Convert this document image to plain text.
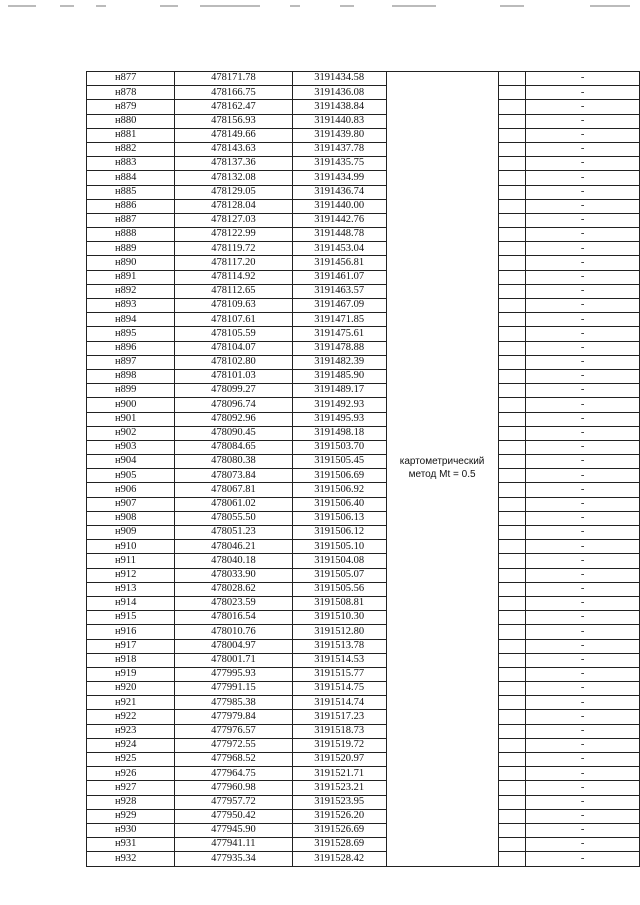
н877	478171.78	3191434.58	картометрический метод Mt = 0.5		-
н878	478166.75	3191436.08			-
н879	478162.47	3191438.84			-
н880	478156.93	3191440.83			-
н881	478149.66	3191439.80			-
н882	478143.63	3191437.78			-
н883	478137.36	3191435.75			-
н884	478132.08	3191434.99			-
н885	478129.05	3191436.74			-
н886	478128.04	3191440.00			-
н887	478127.03	3191442.76			-
н888	478122.99	3191448.78			-
н889	478119.72	3191453.04			-
н890	478117.20	3191456.81			-
н891	478114.92	3191461.07			-
н892	478112.65	3191463.57			-
н893	478109.63	3191467.09			-
н894	478107.61	3191471.85			-
н895	478105.59	3191475.61			-
н896	478104.07	3191478.88			-
н897	478102.80	3191482.39			-
н898	478101.03	3191485.90			-
н899	478099.27	3191489.17			-
н900	478096.74	3191492.93			-
н901	478092.96	3191495.93			-
н902	478090.45	3191498.18			-
н903	478084.65	3191503.70			-
н904	478080.38	3191505.45			-
н905	478073.84	3191506.69			-
н906	478067.81	3191506.92			-
н907	478061.02	3191506.40			-
н908	478055.50	3191506.13			-
н909	478051.23	3191506.12			-
н910	478046.21	3191505.10			-
н911	478040.18	3191504.08			-
н912	478033.90	3191505.07			-
н913	478028.62	3191505.56			-
н914	478023.59	3191508.81			-
н915	478016.54	3191510.30			-
н916	478010.76	3191512.80			-
н917	478004.97	3191513.78			-
н918	478001.71	3191514.53			-
н919	477995.93	3191515.77			-
н920	477991.15	3191514.75			-
н921	477985.38	3191514.74			-
н922	477979.84	3191517.23			-
н923	477976.57	3191518.73			-
н924	477972.55	3191519.72			-
н925	477968.52	3191520.97			-
н926	477964.75	3191521.71			-
н927	477960.98	3191523.21			-
н928	477957.72	3191523.95			-
н929	477950.42	3191526.20			-
н930	477945.90	3191526.69			-
н931	477941.11	3191528.69			-
н932	477935.34	3191528.42			-
